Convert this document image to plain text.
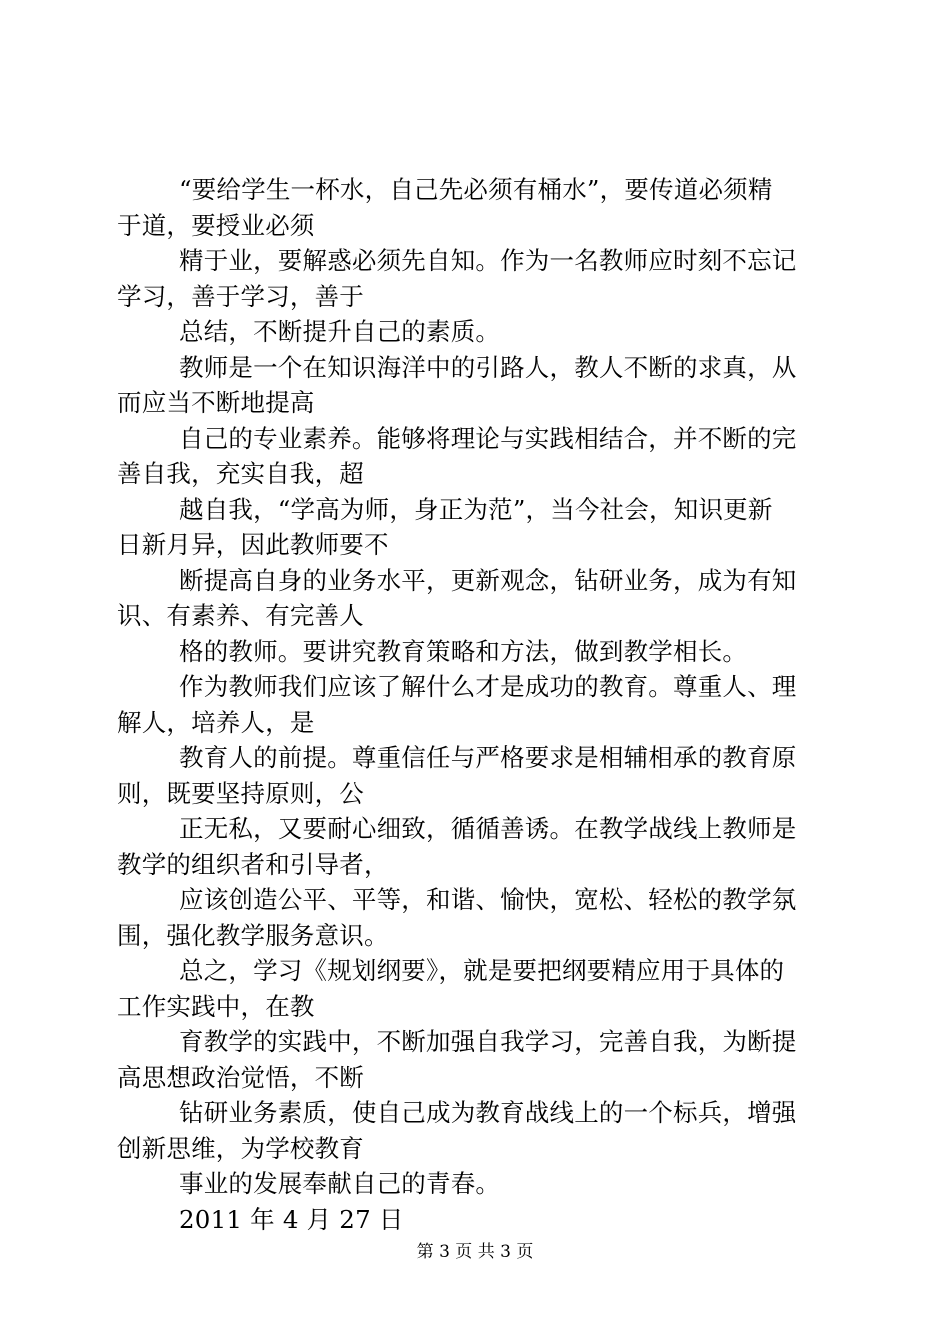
“要给学生一杯水，自己先必须有桶水”，要传道必须精
于道，要授业必须
精于业，要解惑必须先自知。作为一名教师应时刻不忘记
学习，善于学习，善于
总结，不断提升自己的素质。
教师是一个在知识海洋中的引路人，教人不断的求真，从
而应当不断地提高
自己的专业素养。能够将理论与实践相结合，并不断的完
善自我，充实自我，超
越自我，“学高为师，身正为范”，当今社会，知识更新
日新月异，因此教师要不
断提高自身的业务水平，更新观念，钻研业务，成为有知
识、有素养、有完善人
格的教师。要讲究教育策略和方法，做到教学相长。
作为教师我们应该了解什么才是成功的教育。尊重人、理
解人，培养人，是
教育人的前提。尊重信任与严格要求是相辅相承的教育原
则，既要坚持原则，公
正无私，又要耐心细致，循循善诱。在教学战线上教师是
教学的组织者和引导者，
应该创造公平、平等，和谐、愉快，宽松、轻松的教学氛
围，强化教学服务意识。
总之，学习《规划纲要》，就是要把纲要精应用于具体的
工作实践中，在教
育教学的实践中，不断加强自我学习，完善自我，为断提
高思想政治觉悟，不断
钻研业务素质，使自己成为教育战线上的一个标兵，增强
创新思维，为学校教育
事业的发展奉献自己的青春。
2011 年 4 月 27 日
第 3 页 共 3 页
